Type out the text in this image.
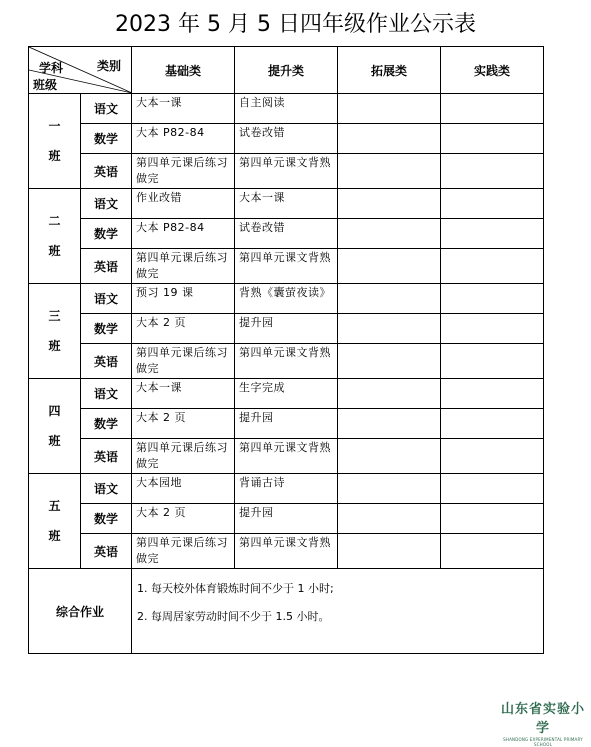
2023 年 5 月 5 日四年级作业公示表
类别
学科
班级		基础类	提升类	拓展类	实践类

一
班	语文	大本一课	自主阅读		
	数学	大本 P82-84	试卷改错		
	英语	第四单元课后练习做完	第四单元课文背熟		

二
班	语文	作业改错	大本一课		
	数学	大本 P82-84	试卷改错		
	英语	第四单元课后练习做完	第四单元课文背熟		

三
班	语文	预习 19 课	背熟《囊萤夜读》		
	数学	大本 2 页	提升园		
	英语	第四单元课后练习做完	第四单元课文背熟		

四
班	语文	大本一课	生字完成		
	数学	大本 2 页	提升园		
	英语	第四单元课后练习做完	第四单元课文背熟		

五
班	语文	大本园地	背诵古诗		
	数学	大本 2 页	提升园		
	英语	第四单元课后练习做完	第四单元课文背熟		
综合作业		1. 每天校外体育锻炼时间不少于 1 小时;
2. 每周居家劳动时间不少于 1.5 小时。			
山东省实验小学
SHANDONG EXPERIMENTAL PRIMARY SCHOOL
